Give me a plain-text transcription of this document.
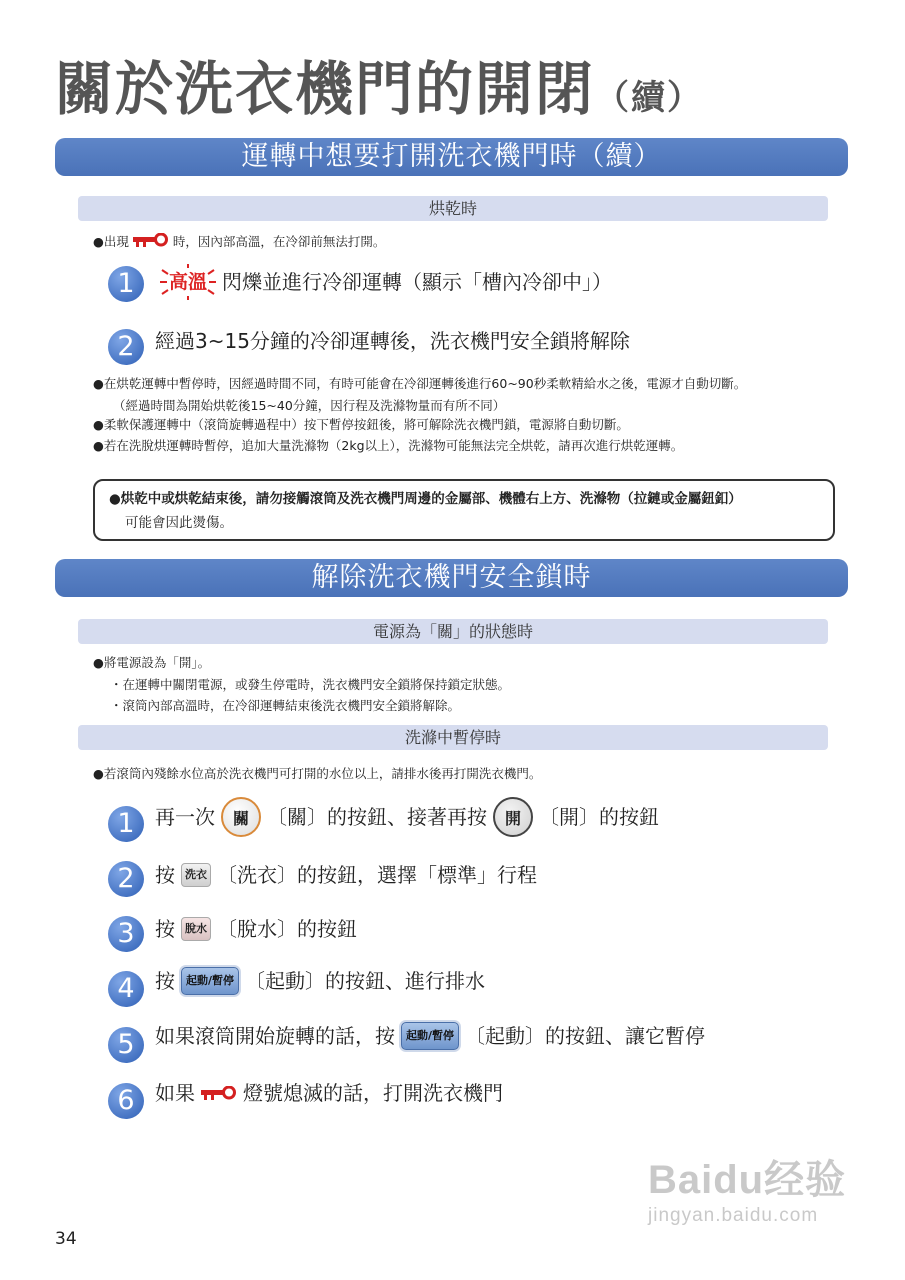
關於洗衣機門的開閉（續）
運轉中想要打開洗衣機門時（續）
烘乾時
●出現	時，因內部高溫，在冷卻前無法打開。
1	高溫 閃爍並進行冷卻運轉（顯示「槽內冷卻中」）
2	經過3~15分鐘的冷卻運轉後，洗衣機門安全鎖將解除
●在烘乾運轉中暫停時，因經過時間不同，有時可能會在冷卻運轉後進行60~90秒柔軟精給水之後，電源才自動切斷。
（經過時間為開始烘乾後15~40分鐘，因行程及洗滌物量而有所不同）
●柔軟保護運轉中（滾筒旋轉過程中）按下暫停按鈕後，將可解除洗衣機門鎖，電源將自動切斷。
●若在洗脫烘運轉時暫停，追加大量洗滌物（2kg以上），洗滌物可能無法完全烘乾，請再次進行烘乾運轉。
●烘乾中或烘乾結束後，請勿接觸滾筒及洗衣機門周邊的金屬部、機體右上方、洗滌物（拉鏈或金屬鈕釦）
可能會因此燙傷。
解除洗衣機門安全鎖時
電源為「關」的狀態時
●將電源設為「開」。
・在運轉中關閉電源，或發生停電時，洗衣機門安全鎖將保持鎖定狀態。
・滾筒內部高溫時，在冷卻運轉結束後洗衣機門安全鎖將解除。
洗滌中暫停時
●若滾筒內殘餘水位高於洗衣機門可打開的水位以上，請排水後再打開洗衣機門。
1	再一次	關 〔關〕的按鈕、接著再按	開 〔開〕的按鈕
2	按 洗衣 〔洗衣〕的按鈕，選擇「標準」行程
3	按 脫水 〔脫水〕的按鈕
4	按	起動/暫停 〔起動〕的按鈕、進行排水
5	如果滾筒開始旋轉的話，按	起動/暫停 〔起動〕的按鈕、讓它暫停
6	如果 燈號熄滅的話，打開洗衣機門
34
Baidu经验
jingyan.baidu.com
